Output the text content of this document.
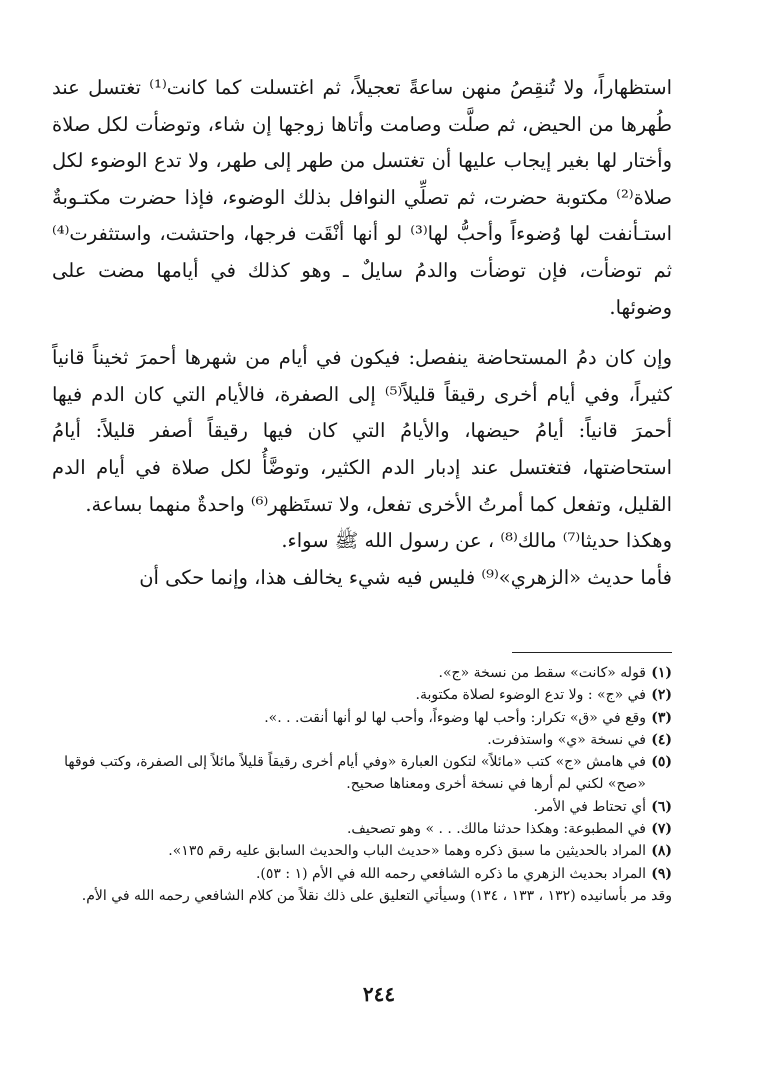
استظهاراً، ولا تُنقِصُ منهن ساعةً تعجيلاً، ثم اغتسلت كما كانت⁽¹⁾ تغتسل عند طُهرها من الحيض، ثم صلَّت وصامت وأتاها زوجها إن شاء، وتوضأت لكل صلاة وأختار لها بغير إيجاب عليها أن تغتسل من طهر إلى طهر، ولا تدع الوضوء لكل صلاة⁽²⁾ مكتوبة حضرت، ثم تصلِّي النوافل بذلك الوضوء، فإذا حضرت مكتـوبةٌ استـأنفت لها وُضوءاً وأحبُّ لها⁽³⁾ لو أنها أنْقَت فرجها، واحتشت، واستثفرت⁽⁴⁾ ثم توضأت، فإن توضأت والدمُ سايلٌ ـ وهو كذلك في أيامها مضت على وضوئها.

وإن كان دمُ المستحاضة ينفصل: فيكون في أيام من شهرها أحمرَ ثخيناً قانياً كثيراً، وفي أيام أخرى رقيقاً قليلاً⁽⁵⁾ إلى الصفرة، فالأيام التي كان الدم فيها أحمرَ قانياً: أيامُ حيضها، والأيامُ التي كان فيها رقيقاً أصفر قليلاً: أيامُ استحاضتها، فتغتسل عند إدبار الدم الكثير، وتوضَّأُ لكل صلاة في أيام الدم القليل، وتفعل كما أمرتُ الأخرى تفعل، ولا تستَظهر⁽⁶⁾ واحدةٌ منهما بساعة.

وهكذا حديثا⁽⁷⁾ مالك⁽⁸⁾ ، عن رسول الله ﷺ سواء.

فأما حديث «الزهري»⁽⁹⁾ فليس فيه شيء يخالف هذا، وإنما حكى أن

(١)
قوله «كانت» سقط من نسخة «ج».
(٢)
في «ج» : ولا تدع الوضوء لصلاة مكتوبة.
(٣)
وقع في «ق» تكرار: وأحب لها وضوءاً، وأحب لها لو أنها أنقت. . .».
(٤)
في نسخة «ي» واستذفرت.
(٥)
في هامش «ج» كتب «مائلاً» لتكون العبارة «وفي أيام أخرى رقيقاً قليلاً مائلاً إلى الصفرة، وكتب فوقها «صح» لكني لم أرها في نسخة أخرى ومعناها صحيح.
(٦)
أي تحتاط في الأمر.
(٧)
في المطبوعة: وهكذا حدثنا مالك. . . » وهو تصحيف.
(٨)
المراد بالحديثين ما سبق ذكره وهما «حديث الباب والحديث السابق عليه رقم ١٣٥».
(٩)
المراد بحديث الزهري ما ذكره الشافعي رحمه الله في الأم (١ : ٥٣).
وقد مر بأسانيده (١٣٢ ، ١٣٣ ، ١٣٤) وسيأتي التعليق على ذلك نقلاً من كلام الشافعي رحمه الله في الأم.
٢٤٤
